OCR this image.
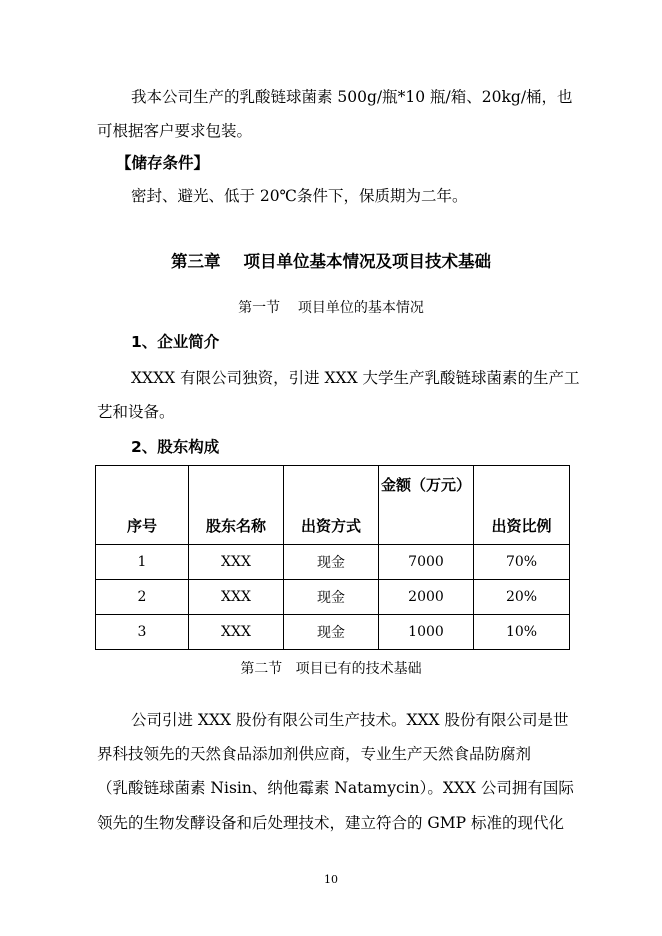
我本公司生产的乳酸链球菌素 500g/瓶*10 瓶/箱、20kg/桶，也
可根据客户要求包装。
【储存条件】
密封、避光、低于 20℃条件下，保质期为二年。
第三章    项目单位基本情况及项目技术基础
第一节    项目单位的基本情况
1、企业简介
XXXX 有限公司独资，引进 XXX 大学生产乳酸链球菌素的生产工
艺和设备。
2、股东构成
序号	股东名称	出资方式	金额（万元）	出资比例
1	XXX	现金	7000	70%
2	XXX	现金	2000	20%
3	XXX	现金	1000	10%
第二节   项目已有的技术基础
公司引进 XXX 股份有限公司生产技术。XXX 股份有限公司是世
界科技领先的天然食品添加剂供应商，专业生产天然食品防腐剂
（乳酸链球菌素 Nisin、纳他霉素 Natamycin）。XXX 公司拥有国际
领先的生物发酵设备和后处理技术，建立符合的 GMP 标准的现代化
10
